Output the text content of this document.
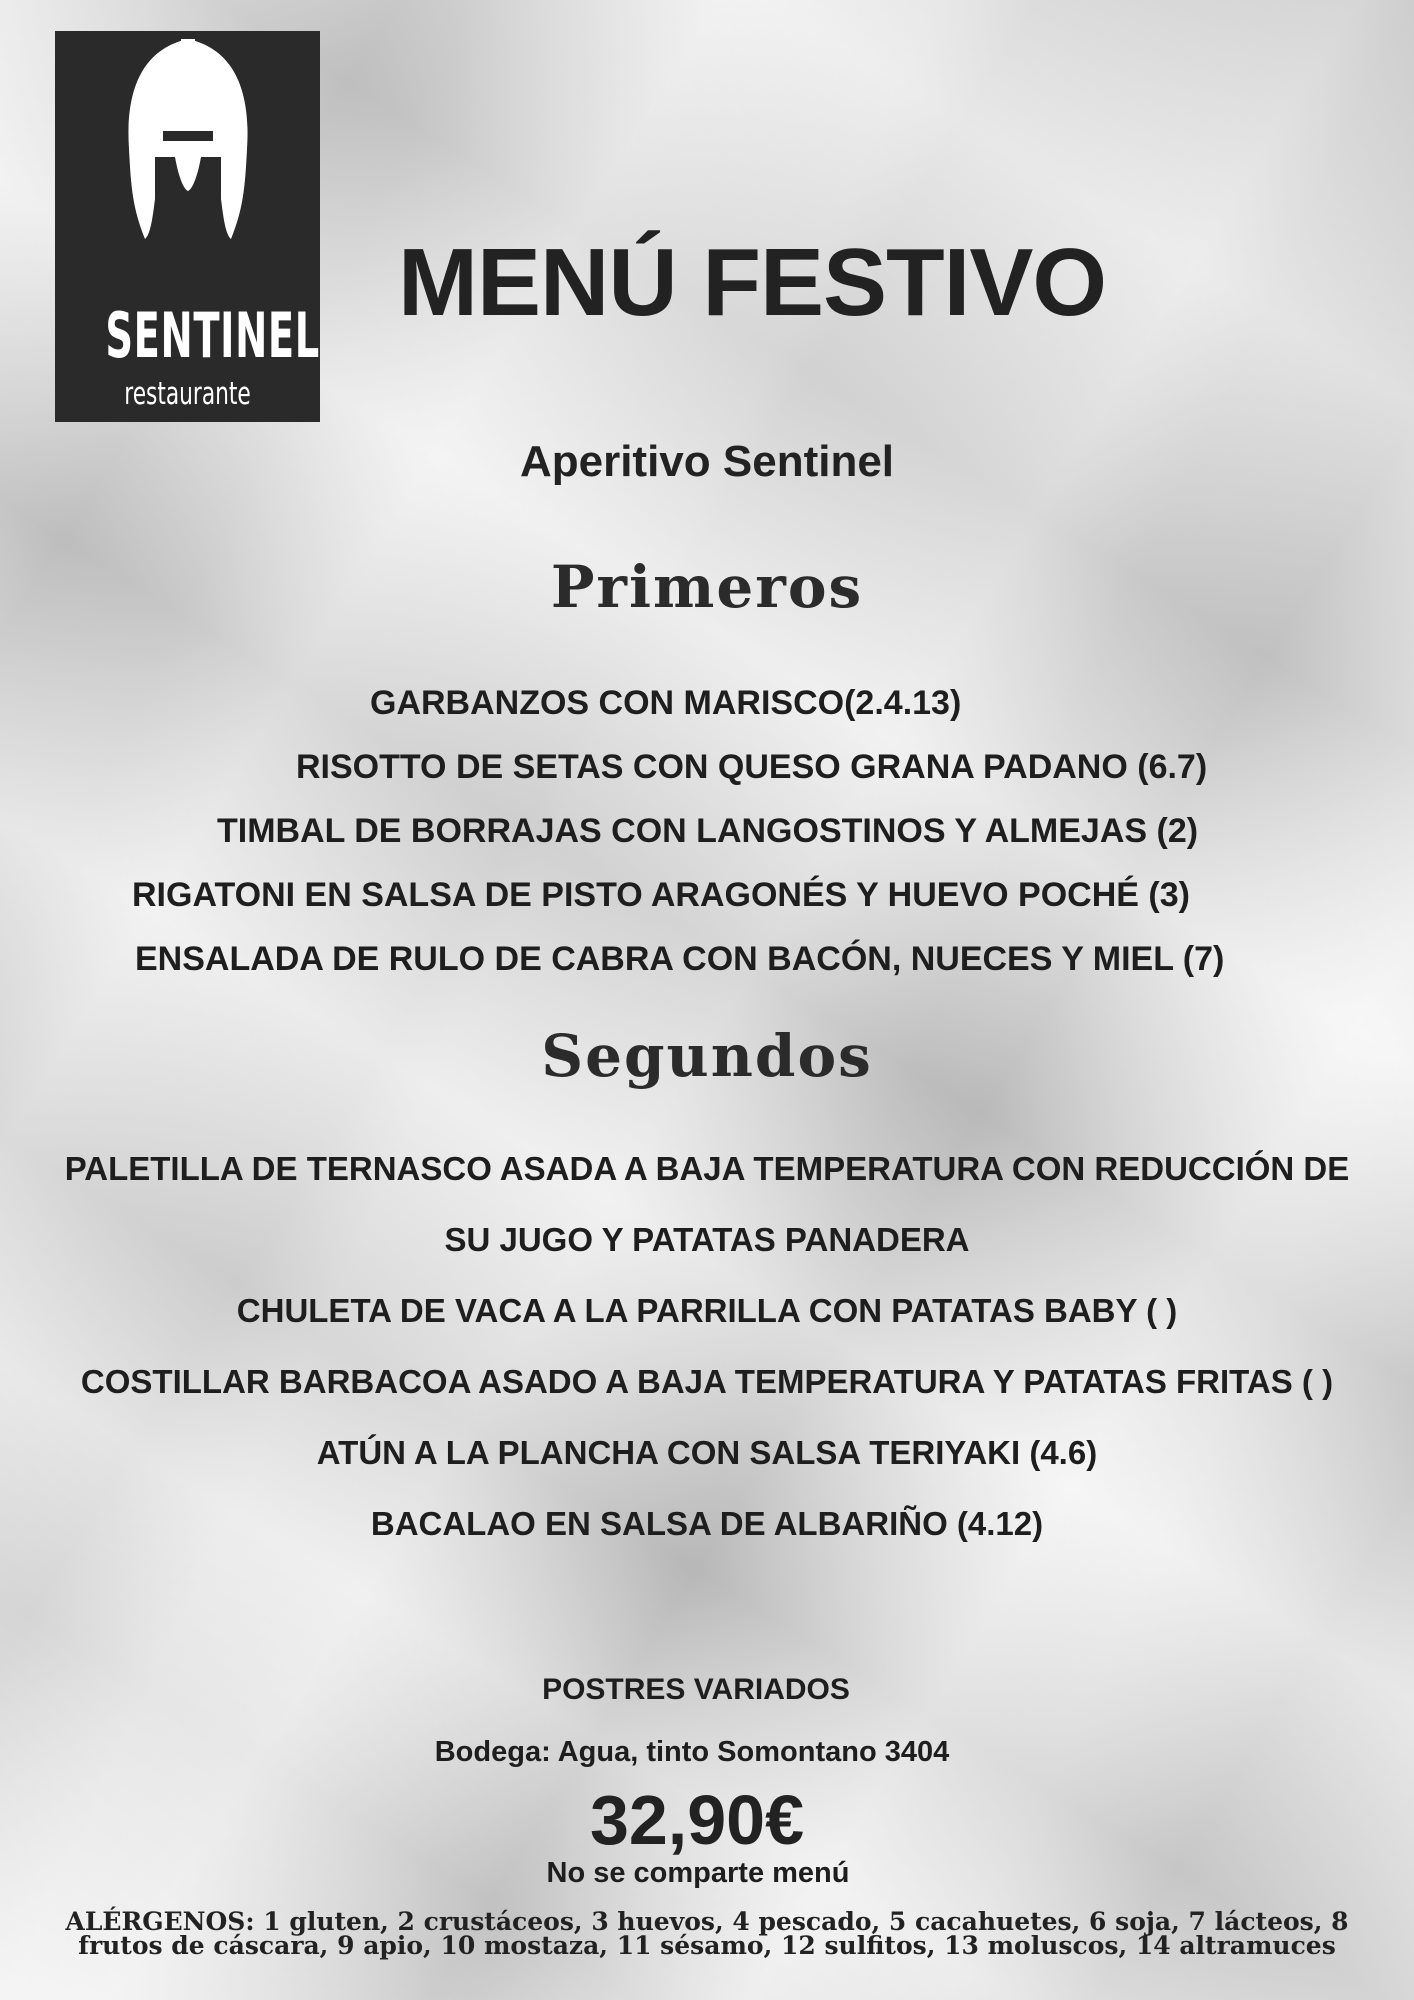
SENTINEL
restaurante
MENÚ FESTIVO
Aperitivo Sentinel
Primeros
GARBANZOS CON MARISCO(2.4.13)
RISOTTO DE SETAS CON QUESO GRANA PADANO (6.7)
TIMBAL DE BORRAJAS CON LANGOSTINOS Y ALMEJAS (2)
RIGATONI EN SALSA DE PISTO ARAGONÉS Y HUEVO POCHÉ (3)
ENSALADA DE RULO DE CABRA CON BACÓN, NUECES Y MIEL (7)
Segundos
PALETILLA DE TERNASCO ASADA A BAJA TEMPERATURA CON REDUCCIÓN DE
SU JUGO Y PATATAS PANADERA
CHULETA DE VACA A LA PARRILLA CON PATATAS BABY ( )
COSTILLAR BARBACOA ASADO A BAJA TEMPERATURA Y PATATAS FRITAS ( )
ATÚN A LA PLANCHA CON SALSA TERIYAKI (4.6)
BACALAO EN SALSA DE ALBARIÑO (4.12)
POSTRES VARIADOS
Bodega: Agua, tinto Somontano 3404
32,90€
No se comparte menú
ALÉRGENOS: 1 gluten, 2 crustáceos, 3 huevos, 4 pescado, 5 cacahuetes, 6 soja, 7 lácteos, 8
frutos de cáscara, 9 apio, 10 mostaza, 11 sésamo, 12 sulfitos, 13 moluscos, 14 altramuces
